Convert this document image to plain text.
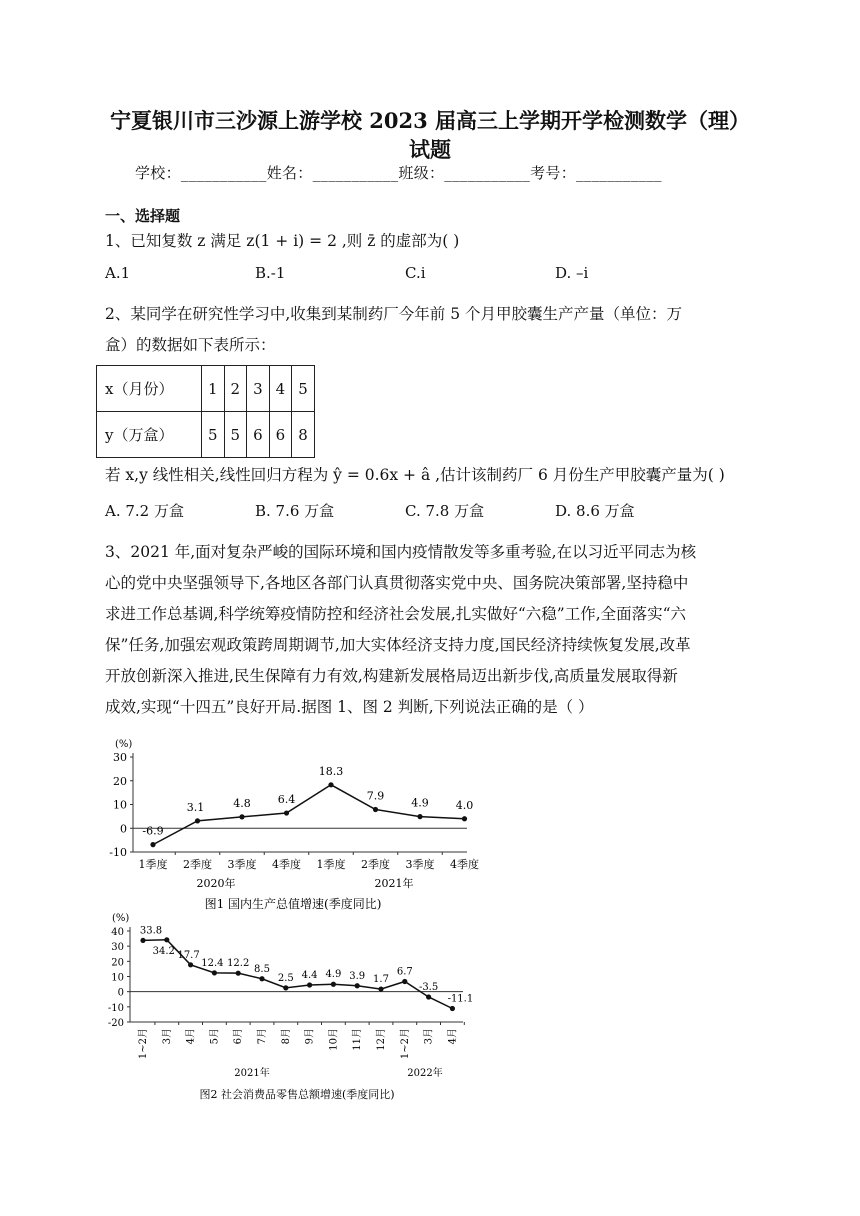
宁夏银川市三沙源上游学校 2023 届高三上学期开学检测数学（理）
试题
学校：___________姓名：___________班级：___________考号：___________
一、选择题
1、已知复数 z 满足 z(1 + i) = 2 ,则 z̄ 的虚部为( )
A.1	B.-1	C.i	D. –i
2、某同学在研究性学习中,收集到某制药厂今年前 5 个月甲胶囊生产产量（单位：万
盒）的数据如下表所示：
x（月份）	1	2	3	4	5
y（万盒）	5	5	6	6	8
若 x,y 线性相关,线性回归方程为 ŷ = 0.6x + â ,估计该制药厂 6 月份生产甲胶囊产量为( )
A. 7.2 万盒	B. 7.6 万盒	C. 7.8 万盒	D. 8.6 万盒
3、2021 年,面对复杂严峻的国际环境和国内疫情散发等多重考验,在以习近平同志为核
心的党中央坚强领导下,各地区各部门认真贯彻落实党中央、国务院决策部署,坚持稳中
求进工作总基调,科学统筹疫情防控和经济社会发展,扎实做好“六稳”工作,全面落实“六
保”任务,加强宏观政策跨周期调节,加大实体经济支持力度,国民经济持续恢复发展,改革
开放创新深入推进,民生保障有力有效,构建新发展格局迈出新步伐,高质量发展取得新
成效,实现“十四五”良好开局.据图 1、图 2 判断,下列说法正确的是（ ）
(%)
-10
0
10
20
30
-6.9
1季度
3.1
2季度
4.8
3季度
6.4
4季度
18.3
1季度
7.9
2季度
4.9
3季度
4.0
4季度
2020年	2021年
图1 国内生产总值增速(季度同比)
(%)
-20
-10
0
10
20
30
40 33.8
1~2月
34.2
3月
17.7
4月
12.4
5月
12.2
6月
8.5
7月
2.5
8月
4.4
9月
4.9
10月
3.9
11月
1.7
12月
6.7
1~2月
-3.5
3月
-11.1
4月
2021年	2022年
图2 社会消费品零售总额增速(季度同比)
